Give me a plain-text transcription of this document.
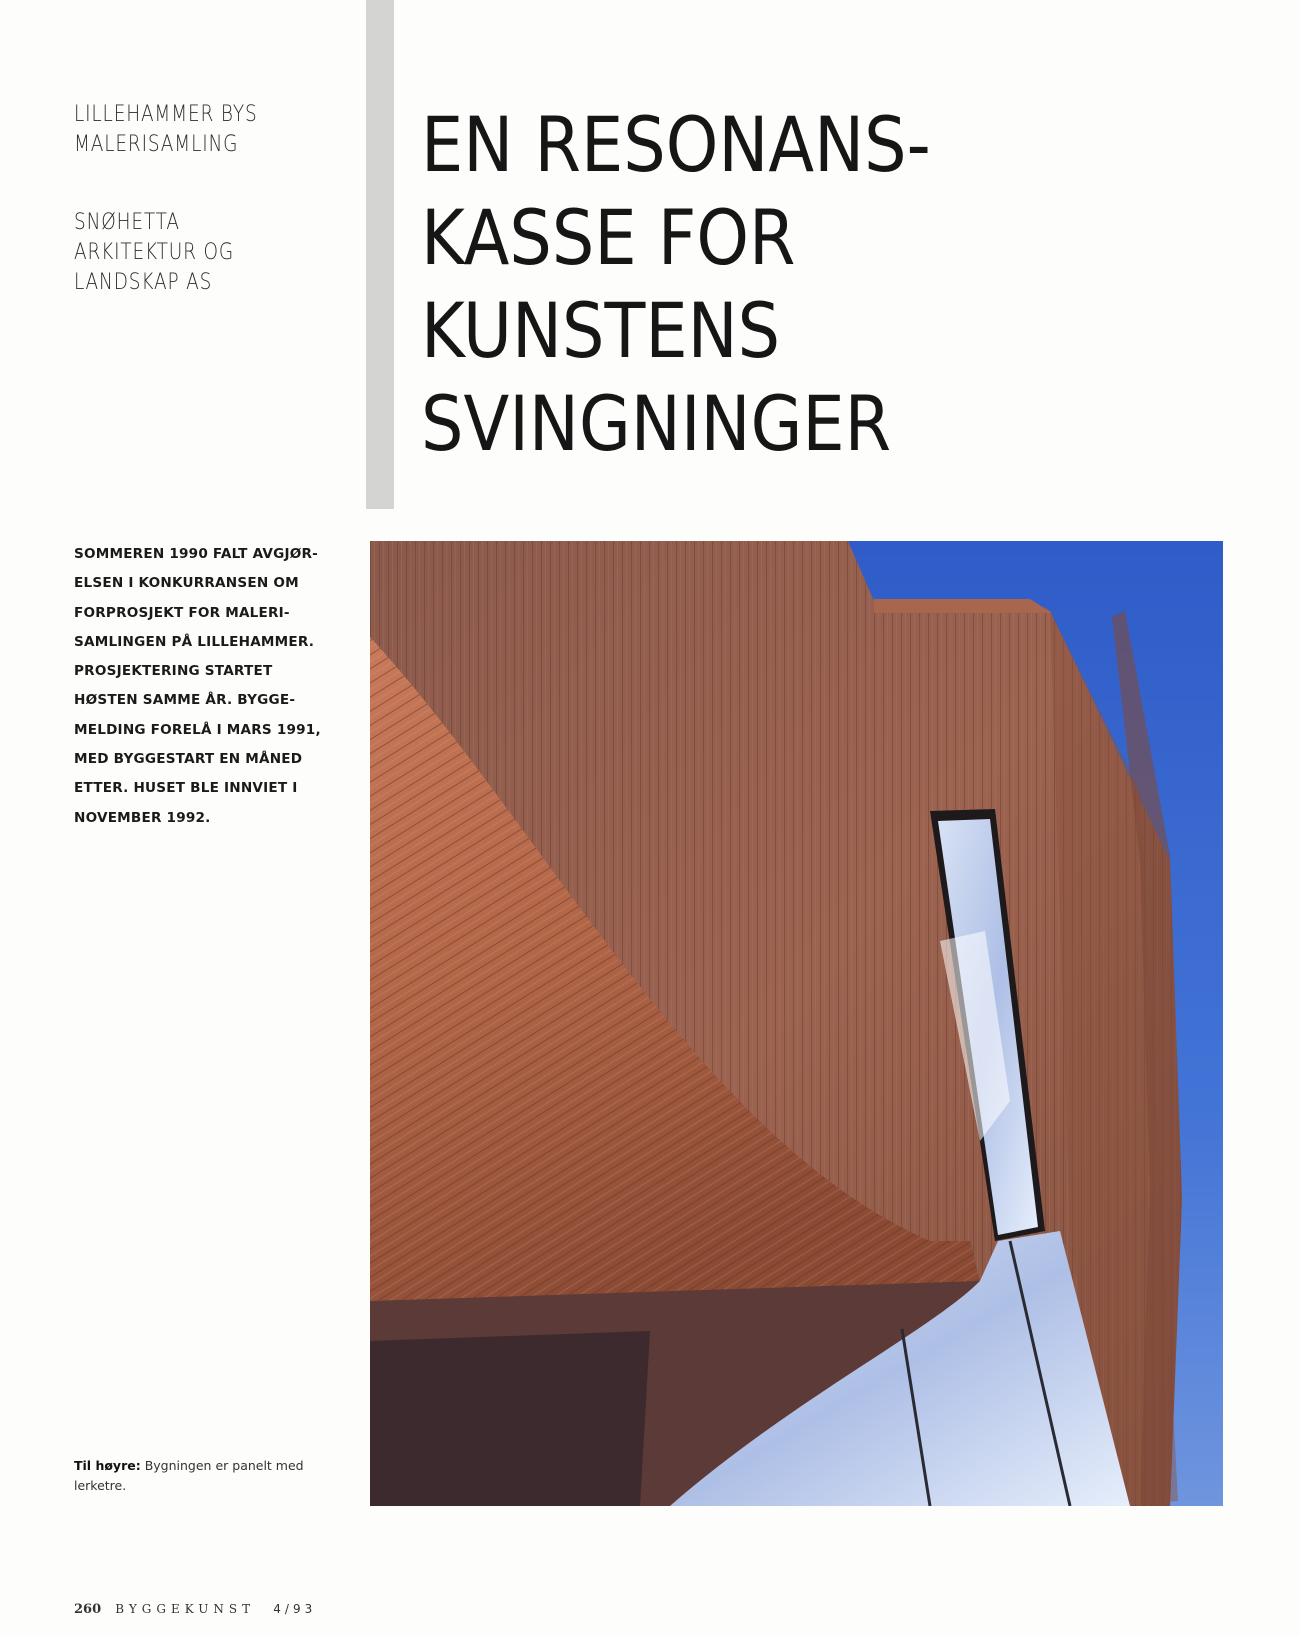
LILLEHAMMER BYS
MALERISAMLING
SNØHETTA
ARKITEKTUR OG
LANDSKAP AS
EN RESONANS-
KASSE FOR
KUNSTENS
SVINGNINGER
SOMMEREN 1990 FALT AVGJØR-
ELSEN I KONKURRANSEN OM
FORPROSJEKT FOR MALERI-
SAMLINGEN PÅ LILLEHAMMER.
PROSJEKTERING STARTET
HØSTEN SAMME ÅR. BYGGE-
MELDING FORELÅ I MARS 1991,
MED BYGGESTART EN MÅNED
ETTER. HUSET BLE INNVIET I
NOVEMBER 1992.
Til høyre: Bygningen er panelt med lerketre.
260 BYGGEKUNST 4/93
